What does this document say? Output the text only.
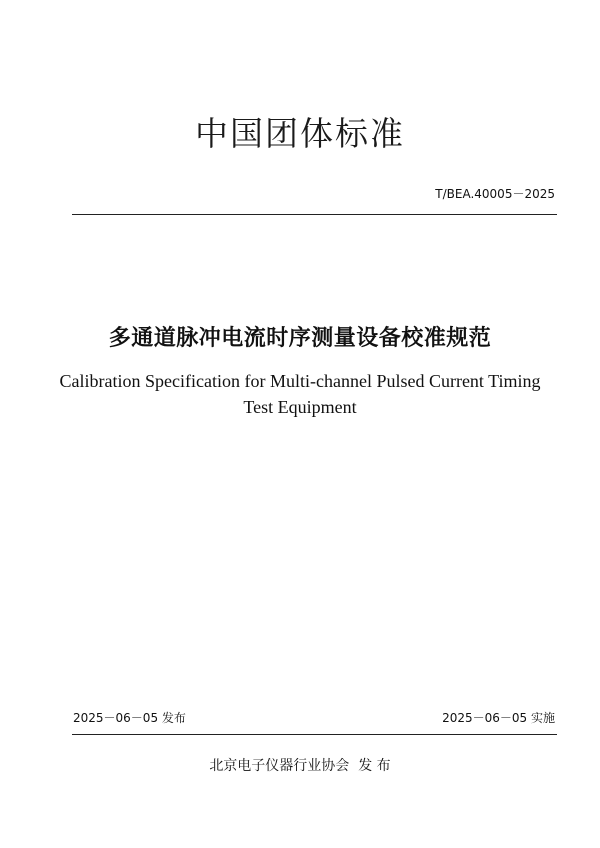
中国团体标准
T/BEA.40005－2025
多通道脉冲电流时序测量设备校准规范
Calibration Specification for Multi-channel Pulsed Current Timing
Test Equipment
2025－06－05 发布	2025－06－05 实施
北京电子仪器行业协会  发 布
